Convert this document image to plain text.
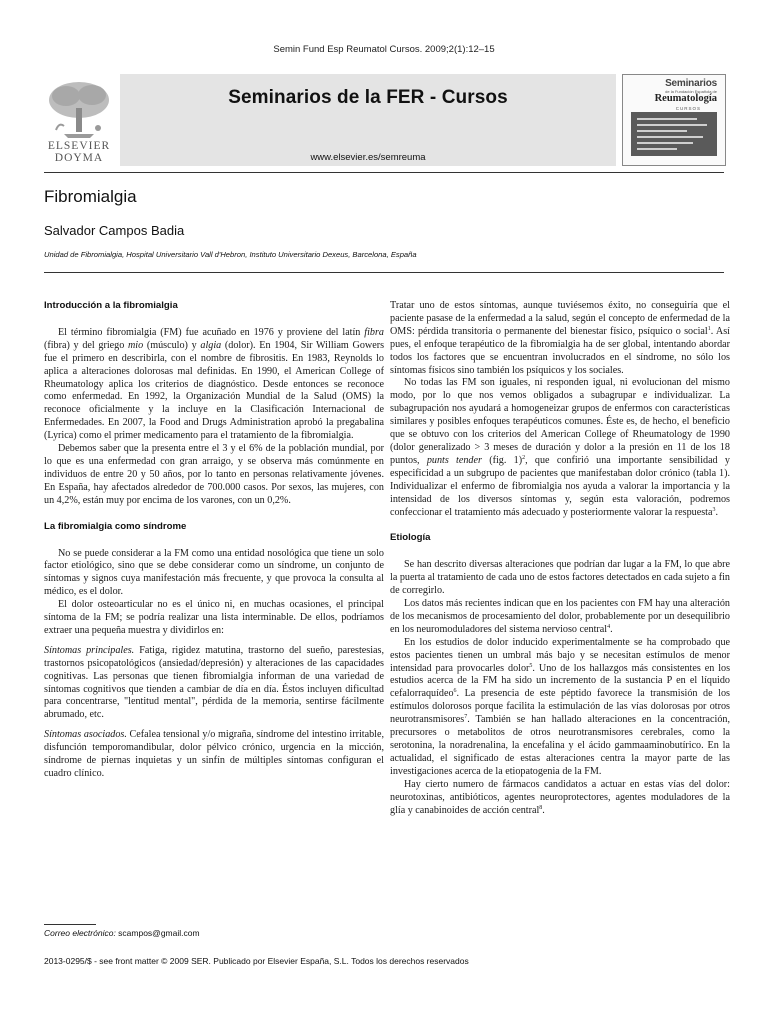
Semin Fund Esp Reumatol Cursos. 2009;2(1):12–15
ELSEVIER
DOYMA
Seminarios de la FER - Cursos
www.elsevier.es/semreuma
Seminarios
de la Fundación Española de
Reumatología
CURSOS
Fibromialgia
Salvador Campos Badia
Unidad de Fibromialgia, Hospital Universitario Vall d'Hebron, Instituto Universitario Dexeus, Barcelona, España
Introducción a la fibromialgia

El término fibromialgia (FM) fue acuñado en 1976 y proviene del latín fibra (fibra) y del griego mio (músculo) y algia (dolor). En 1904, Sir William Gowers fue el primero en describirla, con el nombre de fibrositis. En 1983, Reynolds lo aplica a alteraciones dolorosas mal definidas. En 1990, el American College of Rheumatology aplica los criterios de diagnóstico. Desde entonces se reconoce como enfermedad. En 1992, la Organización Mundial de la Salud (OMS) la reconoce oficialmente y la incluye en la Clasificación Internacional de Enfermedades. En 2007, la Food and Drugs Administration aprobó la pregabalina (Lyrica) como el primer medicamento para el tratamiento de la fibromialgia.

Debemos saber que la presenta entre el 3 y el 6% de la población mundial, por lo que es una enfermedad con gran arraigo, y se observa más comúnmente en individuos de entre 20 y 50 años, por lo tanto en personas relativamente jóvenes. En España, hay afectados alrededor de 700.000 casos. Por sexos, las mujeres, con un 4,2%, están muy por encima de los varones, con un 0,2%.

La fibromialgia como síndrome

No se puede considerar a la FM como una entidad nosológica que tiene un solo factor etiológico, sino que se debe considerar como un síndrome, un conjunto de síntomas y signos cuya manifestación más frecuente, y que provoca la consulta al médico, es el dolor.

El dolor osteoarticular no es el único ni, en muchas ocasiones, el principal síntoma de la FM; se podría realizar una lista interminable. De ellos, podríamos extraer una pequeña muestra y dividirlos en:

Síntomas principales. Fatiga, rigidez matutina, trastorno del sueño, parestesias, trastornos psicopatológicos (ansiedad/depresión) y alteraciones de las capacidades cognitivas. Las personas que tienen fibromialgia informan de una variedad de síntomas cognitivos que tienden a cambiar de día en día. Éstos incluyen dificultad para concentrarse, "lentitud mental", pérdida de la memoria, sentirse fácilmente abrumado, etc.

Síntomas asociados. Cefalea tensional y/o migraña, síndrome del intestino irritable, disfunción temporomandibular, dolor pélvico crónico, urgencia en la micción, síndrome de piernas inquietas y un sinfín de múltiples síntomas configuran el cuadro clínico.

Tratar uno de estos síntomas, aunque tuviésemos éxito, no conseguiría que el paciente pasase de la enfermedad a la salud, según el concepto de enfermedad de la OMS: pérdida transitoria o permanente del bienestar físico, psíquico o social$^1$. Así pues, el enfoque terapéutico de la fibromialgia ha de ser global, intentando abordar todos los factores que se encuentran involucrados en el síndrome, no sólo los síntomas físicos sino también los psíquicos y los sociales.

No todas las FM son iguales, ni responden igual, ni evolucionan del mismo modo, por lo que nos vemos obligados a subagrupar e individualizar. La subagrupación nos ayudará a homogeneizar grupos de enfermos con características similares y posibles enfoques terapéuticos comunes. Éste es, de hecho, el beneficio que se obtuvo con los criterios del American College of Rheumatology de 1990 (dolor generalizado > 3 meses de duración y dolor a la presión en 11 de los 18 puntos, punts tender (fig. 1)$^2$, que confirió una importante sensibilidad y especificidad a un subgrupo de pacientes que manifestaban dolor crónico (tabla 1). Individualizar el enfermo de fibromialgia nos ayuda a valorar la importancia y la intensidad de los diversos síntomas y, según esta valoración, podremos confeccionar el tratamiento más adecuado y posteriormente valorar la respuesta$^3$.

Etiología

Se han descrito diversas alteraciones que podrían dar lugar a la FM, lo que abre la puerta al tratamiento de cada uno de estos factores detectados en cada sujeto a fin de corregirlo.

Los datos más recientes indican que en los pacientes con FM hay una alteración de los mecanismos de procesamiento del dolor, probablemente por un desequilibrio en los neuromoduladores del sistema nervioso central$^4$.

En los estudios de dolor inducido experimentalmente se ha comprobado que estos pacientes tienen un umbral más bajo y se necesitan estímulos de menor intensidad para provocarles dolor$^5$. Uno de los hallazgos más consistentes en los estudios acerca de la FM ha sido un incremento de la sustancia P en el líquido cefalorraquídeo$^6$. La presencia de este péptido favorece la transmisión de los estímulos dolorosos porque facilita la estimulación de las vías dolorosas por otros neurotransmisores$^7$. También se han hallado alteraciones en la concentración, precursores o metabolitos de otros neurotransmisores cerebrales, como la serotonina, la noradrenalina, la encefalina y el ácido gammaaminobutírico. En la actualidad, el significado de estas alteraciones centra la mayor parte de las investigaciones acerca de la etiopatogenia de la FM.

Hay cierto numero de fármacos candidatos a actuar en estas vías del dolor: neurotoxinas, antibióticos, agentes neuroprotectores, agentes moduladores de la glía y canabinoides de acción central$^8$.

Correo electrónico: scampos@gmail.com
2013-0295/$ - see front matter © 2009 SER. Publicado por Elsevier España, S.L. Todos los derechos reservados
